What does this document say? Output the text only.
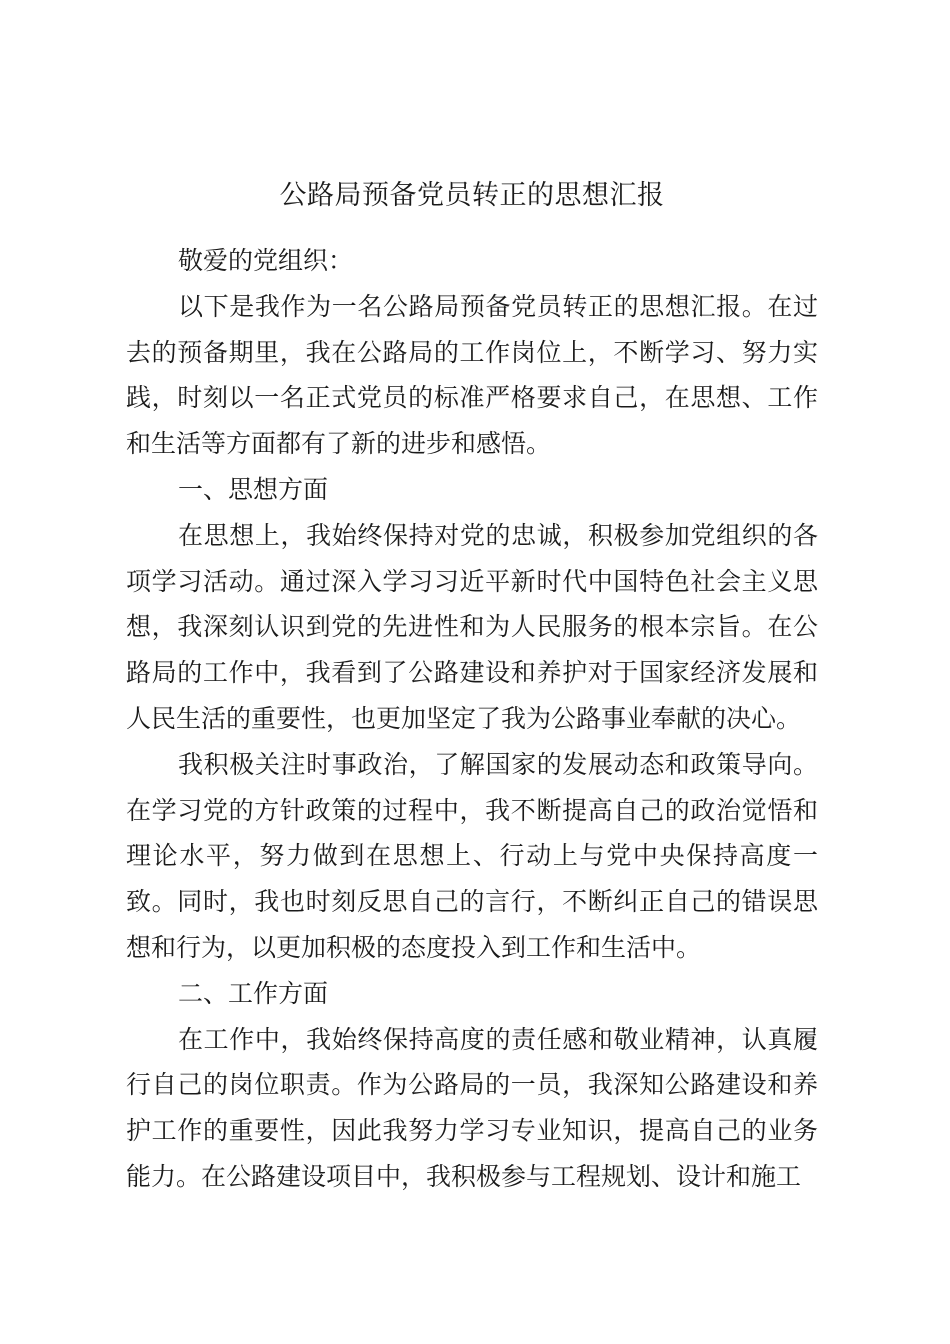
公路局预备党员转正的思想汇报

敬爱的党组织：

以下是我作为一名公路局预备党员转正的思想汇报。在过去的预备期里，我在公路局的工作岗位上，不断学习、努力实践，时刻以一名正式党员的标准严格要求自己，在思想、工作和生活等方面都有了新的进步和感悟。

一、思想方面

在思想上，我始终保持对党的忠诚，积极参加党组织的各项学习活动。通过深入学习习近平新时代中国特色社会主义思想，我深刻认识到党的先进性和为人民服务的根本宗旨。在公路局的工作中，我看到了公路建设和养护对于国家经济发展和人民生活的重要性，也更加坚定了我为公路事业奉献的决心。

我积极关注时事政治，了解国家的发展动态和政策导向。在学习党的方针政策的过程中，我不断提高自己的政治觉悟和理论水平，努力做到在思想上、行动上与党中央保持高度一致。同时，我也时刻反思自己的言行，不断纠正自己的错误思想和行为，以更加积极的态度投入到工作和生活中。

二、工作方面

在工作中，我始终保持高度的责任感和敬业精神，认真履行自己的岗位职责。作为公路局的一员，我深知公路建设和养护工作的重要性，因此我努力学习专业知识，提高自己的业务能力。在公路建设项目中，我积极参与工程规划、设计和施工
